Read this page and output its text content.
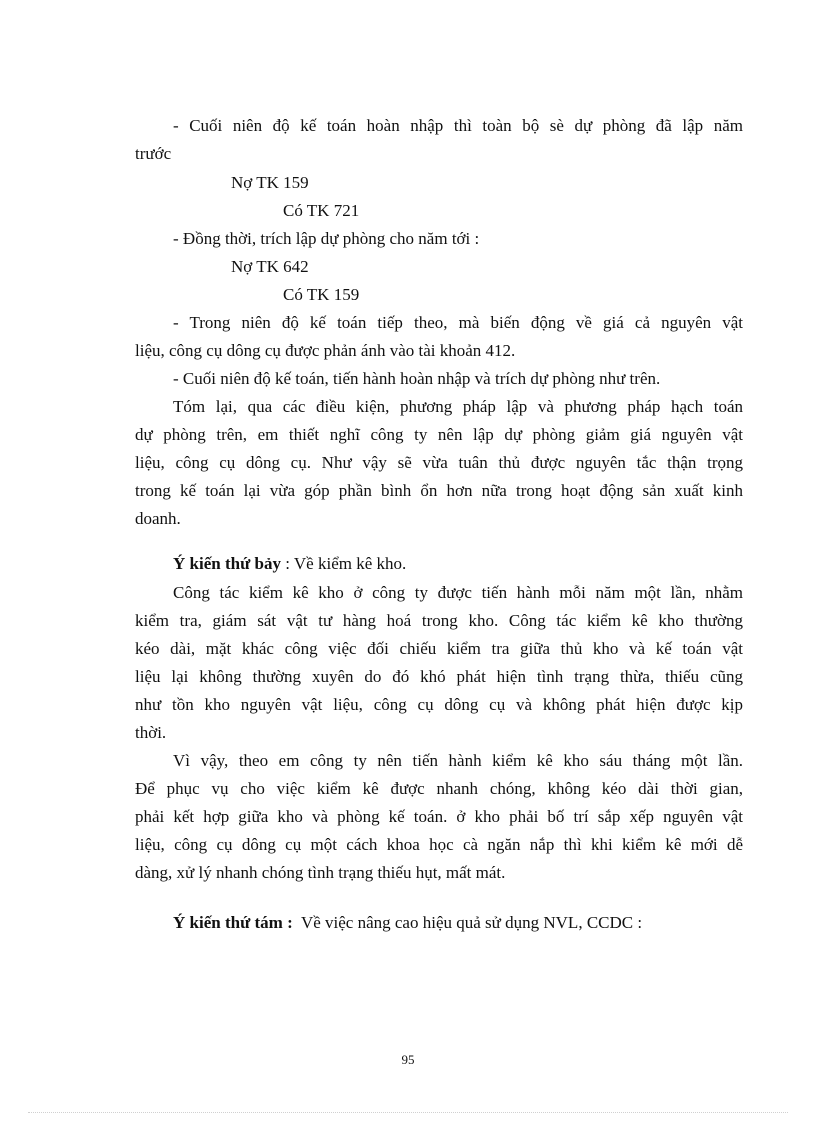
- Cuối niên độ kế toán hoàn nhập thì toàn bộ sè dự phòng đã lập năm
trước
Nợ TK 159
Có TK 721
- Đồng thời, trích lập dự phòng cho năm tới :
Nợ TK 642
Có TK 159
- Trong niên độ kế toán tiếp theo, mà biến động về giá cả nguyên vật
liệu, công cụ dông cụ được phản ánh vào tài khoản 412.
- Cuối niên độ kế toán, tiến hành hoàn nhập và trích dự phòng như trên.
Tóm lại, qua các điều kiện, phương pháp lập và phương pháp hạch toán
dự phòng trên, em thiết nghĩ công ty nên lập dự phòng giảm giá nguyên vật
liệu, công cụ dông cụ. Như vậy sẽ vừa tuân thủ được nguyên tắc thận trọng
trong kế toán lại vừa góp phần bình ổn hơn nữa trong hoạt động sản xuất kinh
doanh.
Ý kiến thứ bảy : Về kiểm kê kho.
Công tác kiểm kê kho ở công ty được tiến hành mỗi năm một lần, nhằm
kiểm tra, giám sát vật tư hàng hoá trong kho. Công tác kiểm kê kho thường
kéo dài, mặt khác công việc đối chiếu kiểm tra giữa thủ kho và kế toán vật
liệu lại không thường xuyên do đó khó phát hiện tình trạng thừa, thiếu cũng
như tồn kho nguyên vật liệu, công cụ dông cụ và không phát hiện được kịp
thời.
Vì vậy, theo em công ty nên tiến hành kiểm kê kho sáu tháng một lần.
Để phục vụ cho việc kiểm kê được nhanh chóng, không kéo dài thời gian,
phải kết hợp giữa kho và phòng kế toán. ở kho phải bố trí sắp xếp nguyên vật
liệu, công cụ dông cụ một cách khoa học cà ngăn nắp thì khi kiểm kê mới dễ
dàng, xử lý nhanh chóng tình trạng thiếu hụt, mất mát.
Ý kiến thứ tám :  Về việc nâng cao hiệu quả sử dụng NVL, CCDC :
95
